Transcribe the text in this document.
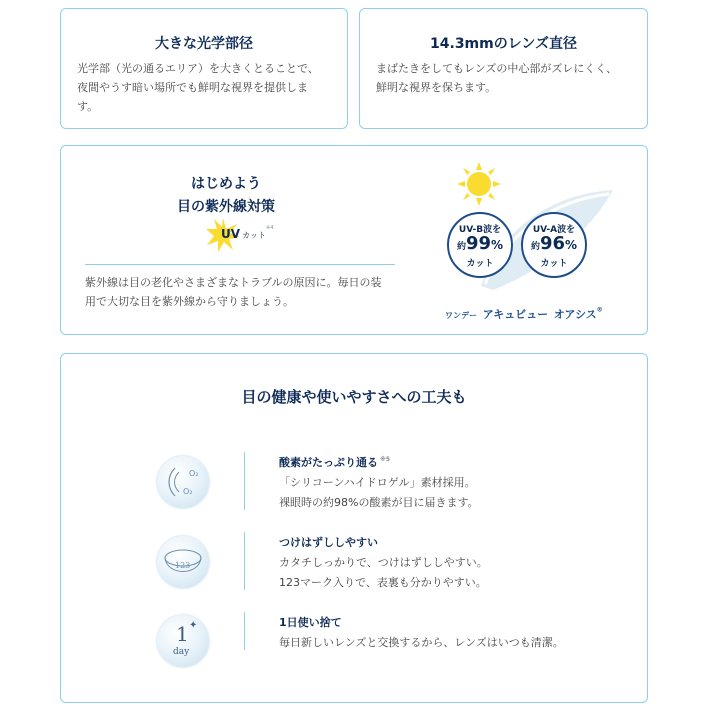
大きな光学部径
光学部（光の通るエリア）を大きくとることで、
夜間やうす暗い場所でも鮮明な視界を提供しま
す。
14.3mmのレンズ直径
まばたきをしてもレンズの中心部がズレにくく、
鮮明な視界を保ちます。
はじめよう
目の紫外線対策
UV カット
※4
紫外線は目の老化やさまざまなトラブルの原因に。毎日の装
用で大切な目を紫外線から守りましょう。
UV-B波を
約99%
カット
UV-A波を
約96%
カット
ワンデー アキュビュー オアシス®
目の健康や使いやすさへの工夫も
O₂
O₂
酸素がたっぷり通る $^{※5}$
「シリコーンハイドロゲル」素材採用。
裸眼時の約98%の酸素が目に届きます。
123
つけはずししやすい
カタチしっかりで、つけはずししやすい。
123マーク入りで、表裏も分かりやすい。
1 ✦
day
1日使い捨て
毎日新しいレンズと交換するから、レンズはいつも清潔。
